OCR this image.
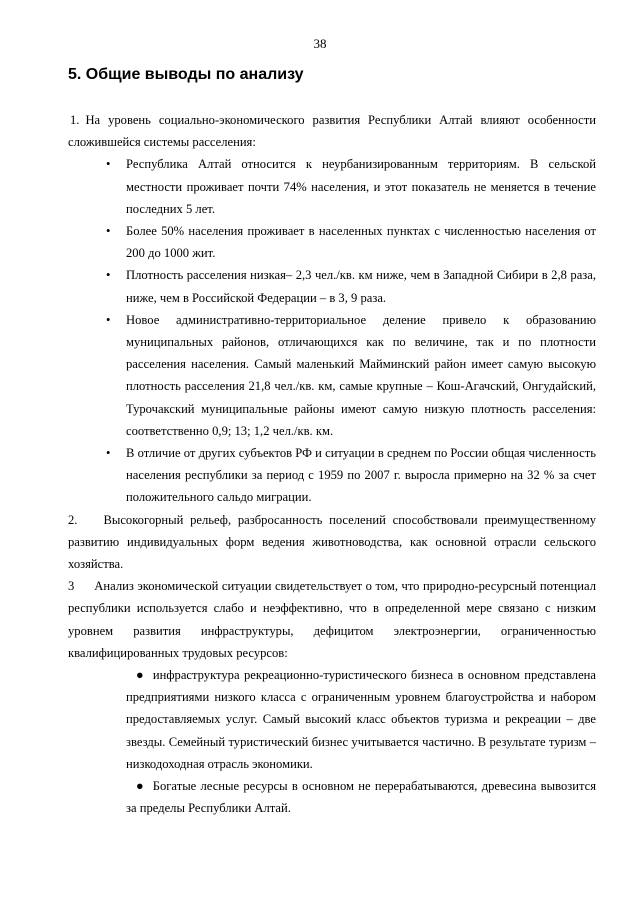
38
5. Общие выводы по анализу

1. На уровень социально-экономического развития Республики Алтай влияют особенности сложившейся системы расселения:

• Республика Алтай относится к неурбанизированным территориям. В сельской местности проживает почти 74% населения, и этот показатель не меняется в течение последних 5 лет.
• Более 50% населения проживает в населенных пунктах с численностью населения от 200 до 1000 жит.
• Плотность расселения низкая– 2,3 чел./кв. км ниже, чем в Западной Сибири в 2,8 раза, ниже, чем в Российской Федерации – в 3, 9 раза.
• Новое административно-территориальное деление привело к образованию муниципальных районов, отличающихся как по величине, так и по плотности расселения населения. Самый маленький Майминский район имеет самую высокую плотность расселения 21,8 чел./кв. км, самые крупные – Кош-Агачский, Онгудайский, Турочакский муниципальные районы имеют самую низкую плотность расселения: соответственно 0,9; 13; 1,2 чел./кв. км.
• В отличие от других субъектов РФ и ситуации в среднем по России общая численность населения республики за период с 1959 по 2007 г. выросла примерно на 32 % за счет положительного сальдо миграции.

2. Высокогорный рельеф, разбросанность поселений способствовали преимущественному развитию индивидуальных форм ведения животноводства, как основной отрасли сельского хозяйства.

3 Анализ экономической ситуации свидетельствует о том, что природно-ресурсный потенциал республики используется слабо и неэффективно, что в определенной мере связано с низким уровнем развития инфраструктуры, дефицитом электроэнергии, ограниченностью квалифицированных трудовых ресурсов:

● инфраструктура рекреационно-туристического бизнеса в основном представлена предприятиями низкого класса с ограниченным уровнем благоустройства и набором предоставляемых услуг. Самый высокий класс объектов туризма и рекреации – две звезды. Семейный туристический бизнес учитывается частично. В результате туризм – низкодоходная отрасль экономики.
● Богатые лесные ресурсы в основном не перерабатываются, древесина вывозится за пределы Республики Алтай.
